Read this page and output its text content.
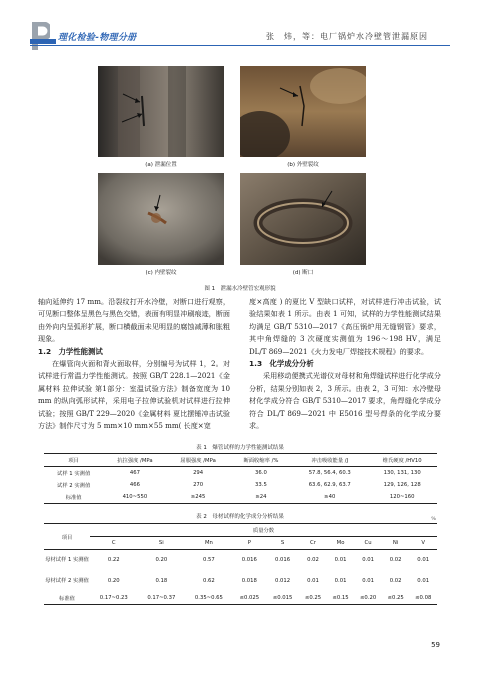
理化检验-物理分册	张　炜，等：电厂锅炉水冷壁管泄漏原因
(a) 泄漏位置	(b) 外壁裂纹
(c) 内壁裂纹	(d) 断口
图 1　泄漏水冷壁管宏观形貌

轴向延伸约 17 mm。沿裂纹打开水冷壁，对断口进行观察，可见断口整体呈黑色与黑色交错，表面有明显冲刷痕迹，断面由外向内呈弧形扩展，断口横截面未见明显的腐蚀减薄和胀粗现象。

1.2　力学性能测试

在爆管向火面和背火面取样，分别编号为试样 1，2。对试样进行常温力学性能测试。按照 GB/T 228.1—2021《金属材料 拉伸试验 第1部分：室温试验方法》制备宽度为 10 mm 的纵向弧形试样，采用电子拉伸试验机对试样进行拉伸试验；按照 GB/T 229—2020《金属材料 夏比摆锤冲击试验方法》制作尺寸为 5 mm×10 mm×55 mm( 长度×宽

度×高度 ) 的夏比 V 型缺口试样，对试样进行冲击试验，试验结果如表 1 所示。由表 1 可知，试样的力学性能测试结果均满足 GB/T 5310—2017《高压锅炉用无缝钢管》要求，其中角焊缝的 3 次硬度实测值为 196～198 HV，满足 DL/T 869—2021《火力发电厂焊接技术规程》的要求。

1.3　化学成分分析

采用移动便携式光谱仪对母材和角焊缝试样进行化学成分分析，结果分别如表 2，3 所示。由表 2，3 可知：水冷壁母材化学成分符合 GB/T 5310—2017 要求，角焊缝化学成分符合 DL/T 869—2021 中 E5016 型号焊条的化学成分要求。

表 1　爆管试样的力学性能测试结果
项目	抗拉强度 /MPa	屈服强度 /MPa	断面收缩率 /%	冲击吸收能量 /J	维氏硬度 /HV10
试样 1 实测值	467	294	36.0	57.8, 56.4, 60.3	130, 131, 130
试样 2 实测值	466	270	33.5	63.6, 62.9, 63.7	129, 126, 128
标准值	410~550	≥245	≥24	≥40	120~160
表 2　母材试样的化学成分分析结果	%
项目	质量分数									
	C	Si	Mn	P	S	Cr	Mo	Cu	Ni	V
母材试样 1 实测值	0.22	0.20	0.57	0.016	0.016	0.02	0.01	0.01	0.02	0.01
母材试样 2 实测值	0.20	0.18	0.62	0.018	0.012	0.01	0.01	0.01	0.02	0.01
标准值	0.17~0.23	0.17~0.37	0.35~0.65	≤0.025	≤0.015	≤0.25	≤0.15	≤0.20	≤0.25	≤0.08
59
